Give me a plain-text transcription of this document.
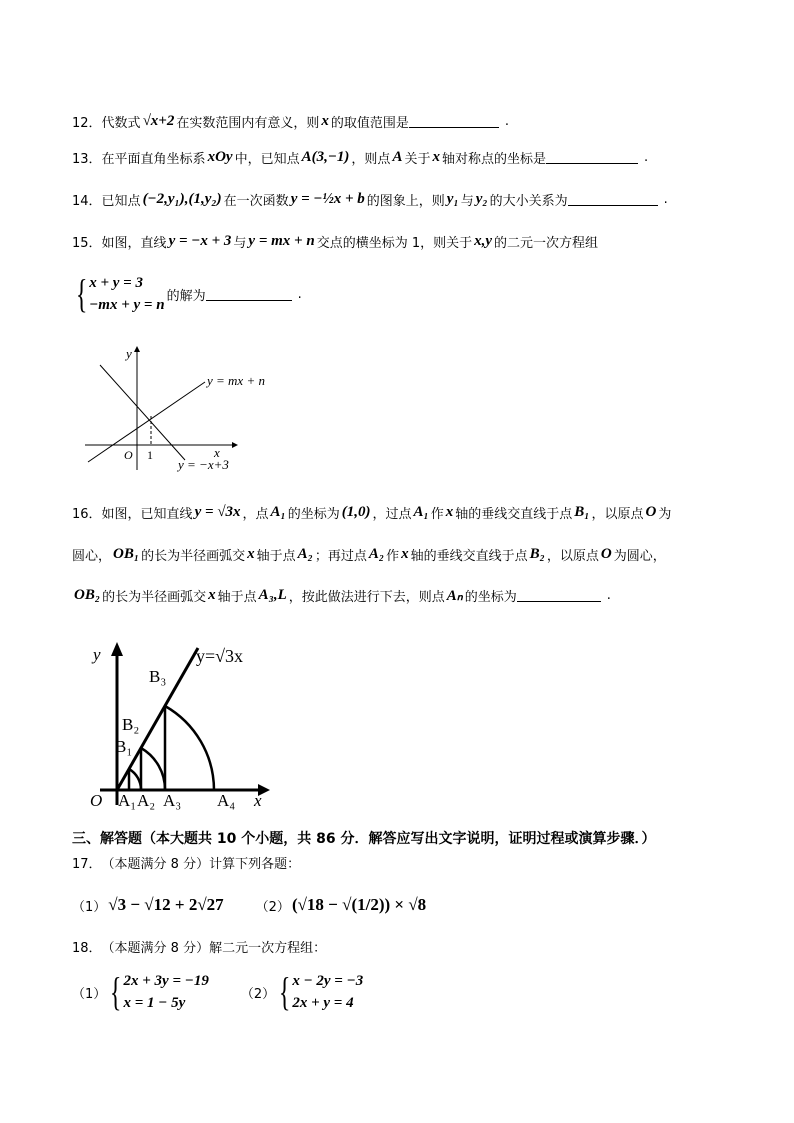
12． 代数式 √x+2 在实数范围内有意义，则 x 的取值范围是	.
13． 在平面直角坐标系 xOy 中，已知点 A(3,−1) ，则点 A 关于 x 轴对称点的坐标是	.
14． 已知点 (−2,y₁),(1,y₂) 在一次函数 y = −½x + b 的图象上，则 y₁ 与 y₂ 的大小关系为	.
15． 如图，直线 y = −x + 3 与 y = mx + n 交点的横坐标为 1，则关于 x,y 的二元一次方程组
{ x + y = 3
−mx + y = n
的解为	.
y
x
O 1
y = mx + n
y = −x+3
y
x
y=√3x
O A₁ A₂ A₃ A₄
B₁
B₂
B₃
16． 如图，已知直线 y = √3x ，点 A₁ 的坐标为 (1,0) ，过点 A₁ 作 x 轴的垂线交直线于点 B₁ ，以原点 O 为
圆心， OB₁ 的长为半径画弧交 x 轴于点 A₂ ；再过点 A₂ 作 x 轴的垂线交直线于点 B₂ ，以原点 O 为圆心，
OB₂ 的长为半径画弧交 x 轴于点 A₃,L ，按此做法进行下去，则点 Aₙ 的坐标为	.
三、解答题（本大题共 10 个小题，共 86 分．解答应写出文字说明，证明过程或演算步骤．）
17． （本题满分 8 分）计算下列各题：
（1） √3 − √12 + 2√27 （2） (√18 − √(1/2)) × √8
18． （本题满分 8 分）解二元一次方程组：
（1） { 2x + 3y = −19
x = 1 − 5y
（2） { x − 2y = −3
2x + y = 4
